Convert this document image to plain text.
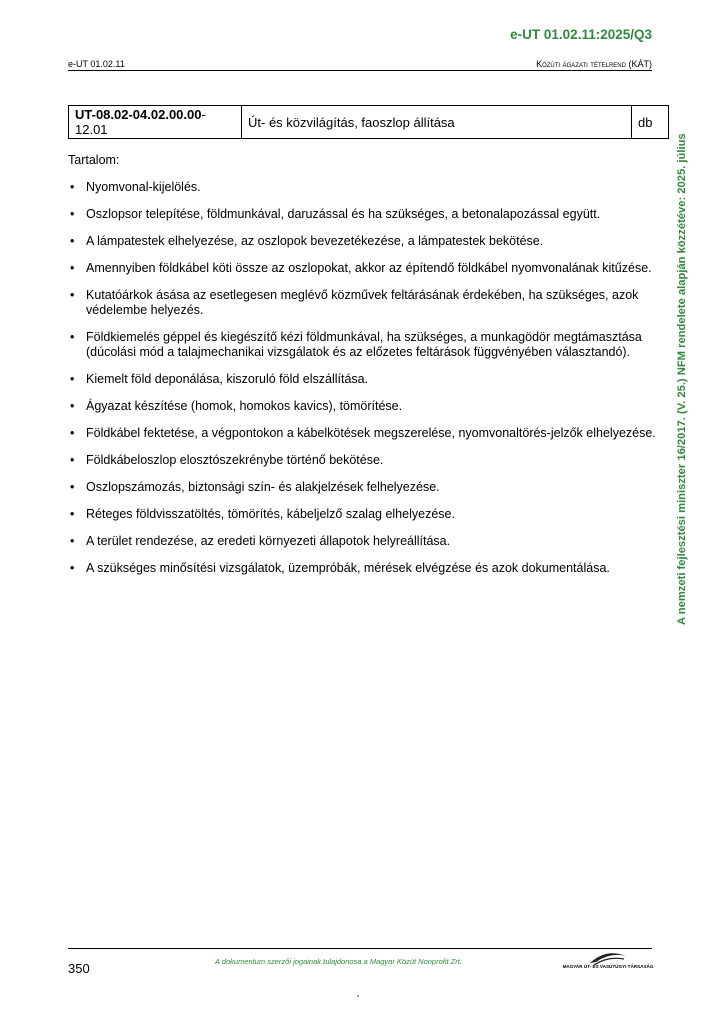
e-UT 01.02.11:2025/Q3
e-UT 01.02.11	Közúti ágazati tételrend (KÁT)
UT-08.02-04.02.00.00-12.01	Út- és közvilágítás, faoszlop állítása	db
Tartalom:
• Nyomvonal-kijelölés.
• Oszlopsor telepítése, földmunkával, daruzással és ha szükséges, a betonalapozással együtt.
• A lámpatestek elhelyezése, az oszlopok bevezetékezése, a lámpatestek bekötése.
• Amennyiben földkábel köti össze az oszlopokat, akkor az építendő földkábel nyomvonalának kitűzése.
• Kutatóárkok ásása az esetlegesen meglévő közművek feltárásának érdekében, ha szükséges, azok védelembe helyezés.
• Földkiemelés géppel és kiegészítő kézi földmunkával, ha szükséges, a munkagödör megtámasztása (dúcolási mód a talajmechanikai vizsgálatok és az előzetes feltárások függvényében választandó).
• Kiemelt föld deponálása, kiszoruló föld elszállítása.
• Ágyazat készítése (homok, homokos kavics), tömörítése.
• Földkábel fektetése, a végpontokon a kábelkötések megszerelése, nyomvonaltörés-jelzők elhelyezése.
• Földkábeloszlop elosztószekrénybe történő bekötése.
• Oszlopszámozás, biztonsági szín- és alakjelzések felhelyezése.
• Réteges földvisszatöltés, tömörítés, kábeljelző szalag elhelyezése.
• A terület rendezése, az eredeti környezeti állapotok helyreállítása.
• A szükséges minősítési vizsgálatok, üzempróbák, mérések elvégzése és azok dokumentálása.	A nemzeti fejlesztési miniszter 16/2017. (V. 25.) NFM rendelete alapján közzétéve: 2025. július
350	A dokumentum szerzői jogainak tulajdonosa a Magyar Közút Nonprofit Zrt.
MAGYAR ÚT- ÉS VASÚTÜGYI TÁRSASÁG
